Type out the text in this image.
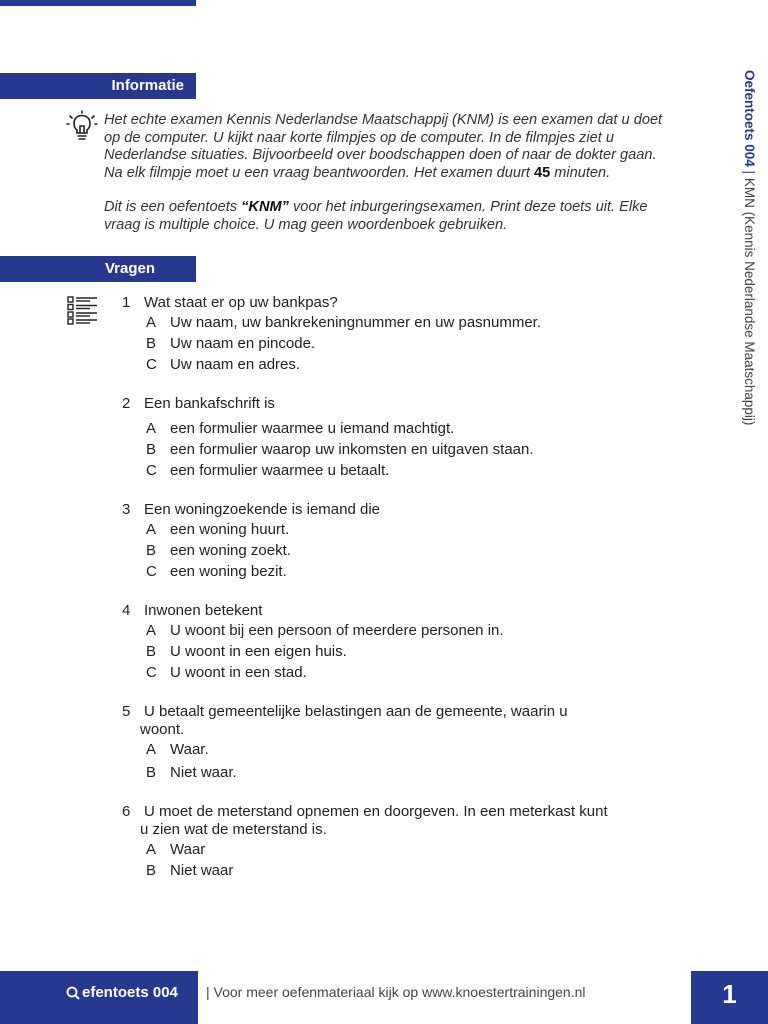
Informatie

Het echte examen Kennis Nederlandse Maatschappij (KNM) is een examen dat u doet op de computer. U kijkt naar korte filmpjes op de computer. In de filmpjes ziet u Nederlandse situaties. Bijvoorbeeld over boodschappen doen of naar de dokter gaan. Na elk filmpje moet u een vraag beantwoorden. Het examen duurt 45 minuten.

Dit is een oefentoets “KNM” voor het inburgeringsexamen. Print deze toets uit. Elke vraag is multiple choice. U mag geen woordenboek gebruiken.

Vragen
1 Wat staat er op uw bankpas?
A Uw naam, uw bankrekeningnummer en uw pasnummer.
B Uw naam en pincode.
C Uw naam en adres.
2 Een bankafschrift is
A een formulier waarmee u iemand machtigt.
B een formulier waarop uw inkomsten en uitgaven staan.
C een formulier waarmee u betaalt.
3 Een woningzoekende is iemand die
A een woning huurt.
B een woning zoekt.
C een woning bezit.
4 Inwonen betekent
A U woont bij een persoon of meerdere personen in.
B U woont in een eigen huis.
C U woont in een stad.
5 U betaalt gemeentelijke belastingen aan de gemeente, waarin u
woont.
A Waar.
B Niet waar.
6 U moet de meterstand opnemen en doorgeven. In een meterkast kunt
u zien wat de meterstand is.
A Waar
B Niet waar
Oefentoets 004 | KMN (Kennis Nederlandse Maatschappij)
efentoets 004	| Voor meer oefenmateriaal kijk op www.knoestertrainingen.nl	1
